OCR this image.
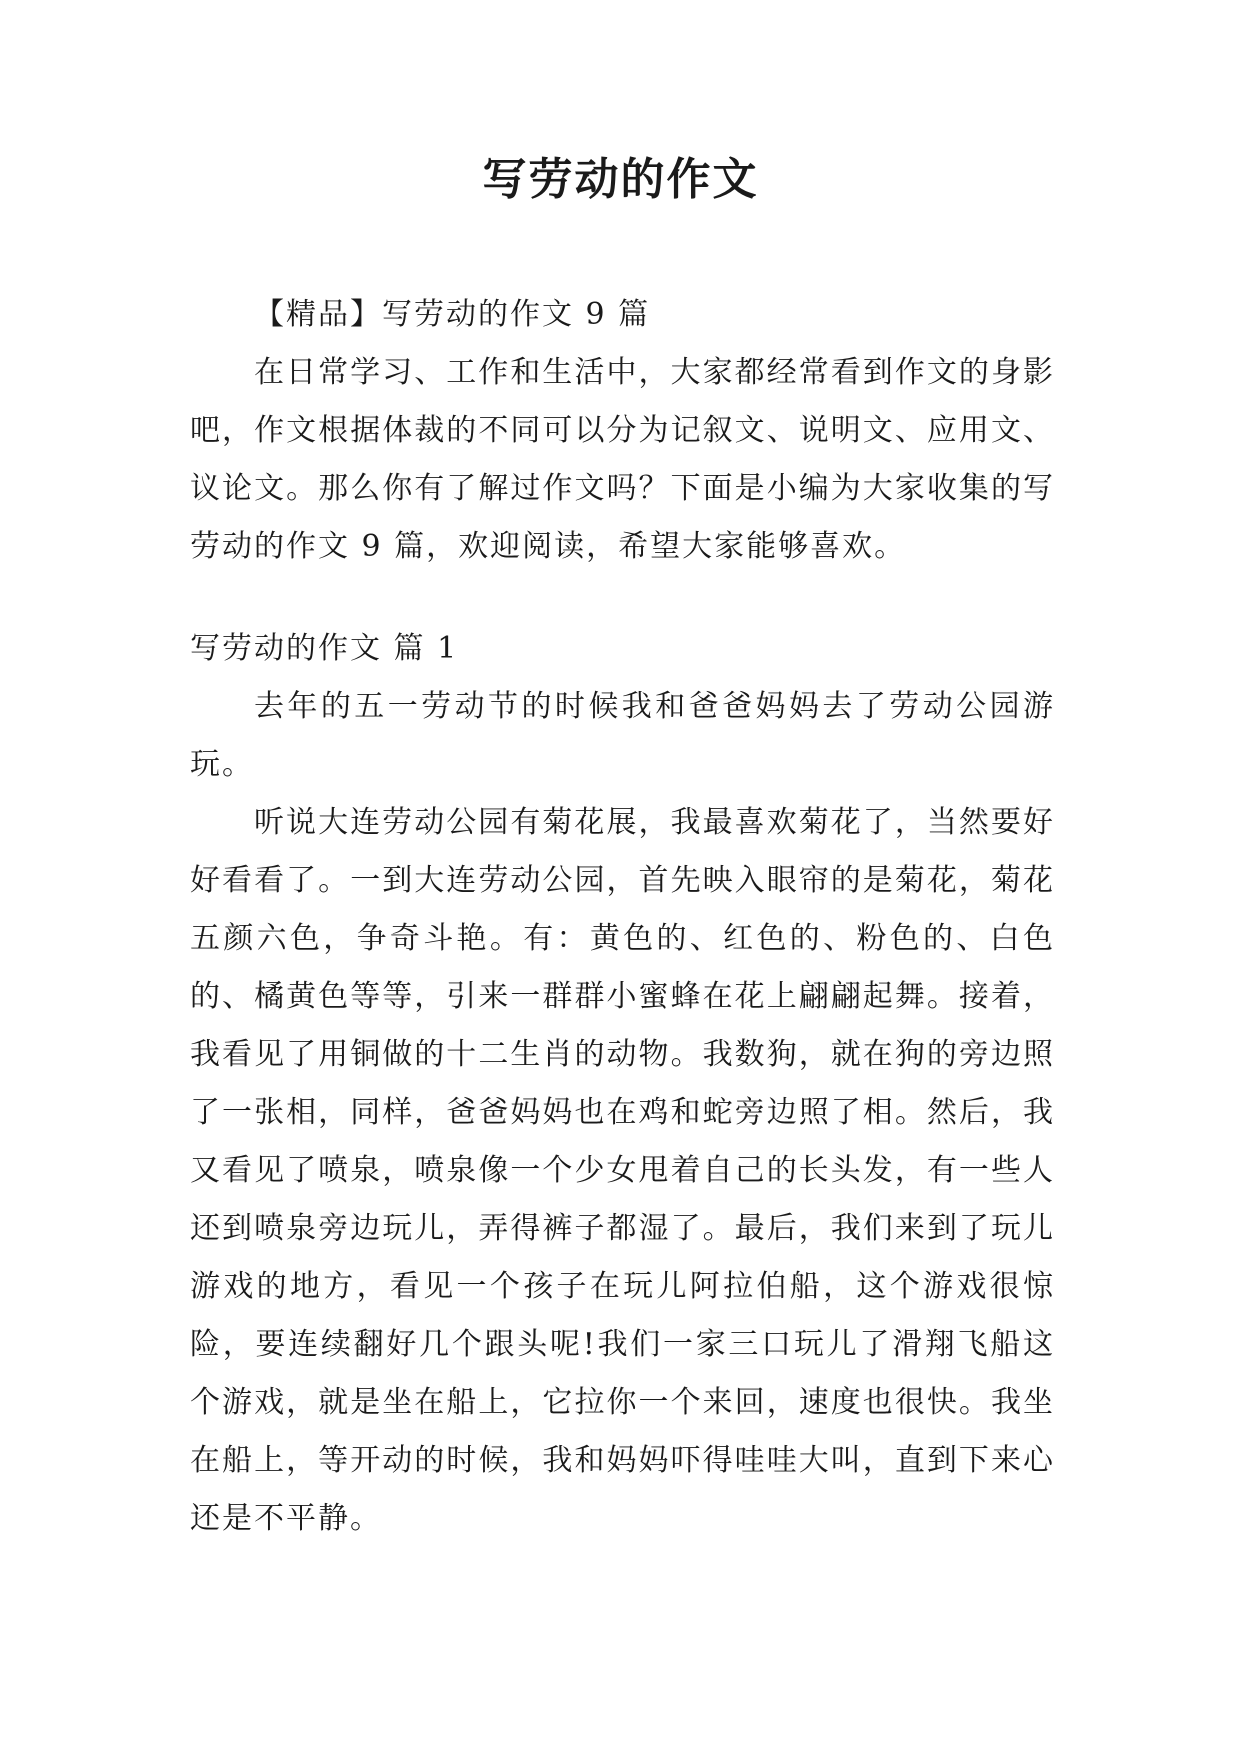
写劳动的作文

【精品】写劳动的作文 9 篇

在日常学习、工作和生活中，大家都经常看到作文的身影吧，作文根据体裁的不同可以分为记叙文、说明文、应用文、议论文。那么你有了解过作文吗？下面是小编为大家收集的写劳动的作文 9 篇，欢迎阅读，希望大家能够喜欢。

写劳动的作文 篇 1

去年的五一劳动节的时候我和爸爸妈妈去了劳动公园游玩。

听说大连劳动公园有菊花展，我最喜欢菊花了，当然要好好看看了。一到大连劳动公园，首先映入眼帘的是菊花，菊花五颜六色，争奇斗艳。有：黄色的、红色的、粉色的、白色的、橘黄色等等，引来一群群小蜜蜂在花上翩翩起舞。接着，我看见了用铜做的十二生肖的动物。我数狗，就在狗的旁边照了一张相，同样，爸爸妈妈也在鸡和蛇旁边照了相。然后，我又看见了喷泉，喷泉像一个少女甩着自己的长头发，有一些人还到喷泉旁边玩儿，弄得裤子都湿了。最后，我们来到了玩儿游戏的地方，看见一个孩子在玩儿阿拉伯船，这个游戏很惊险，要连续翻好几个跟头呢!我们一家三口玩儿了滑翔飞船这个游戏，就是坐在船上，它拉你一个来回，速度也很快。我坐在船上，等开动的时候，我和妈妈吓得哇哇大叫，直到下来心还是不平静。
